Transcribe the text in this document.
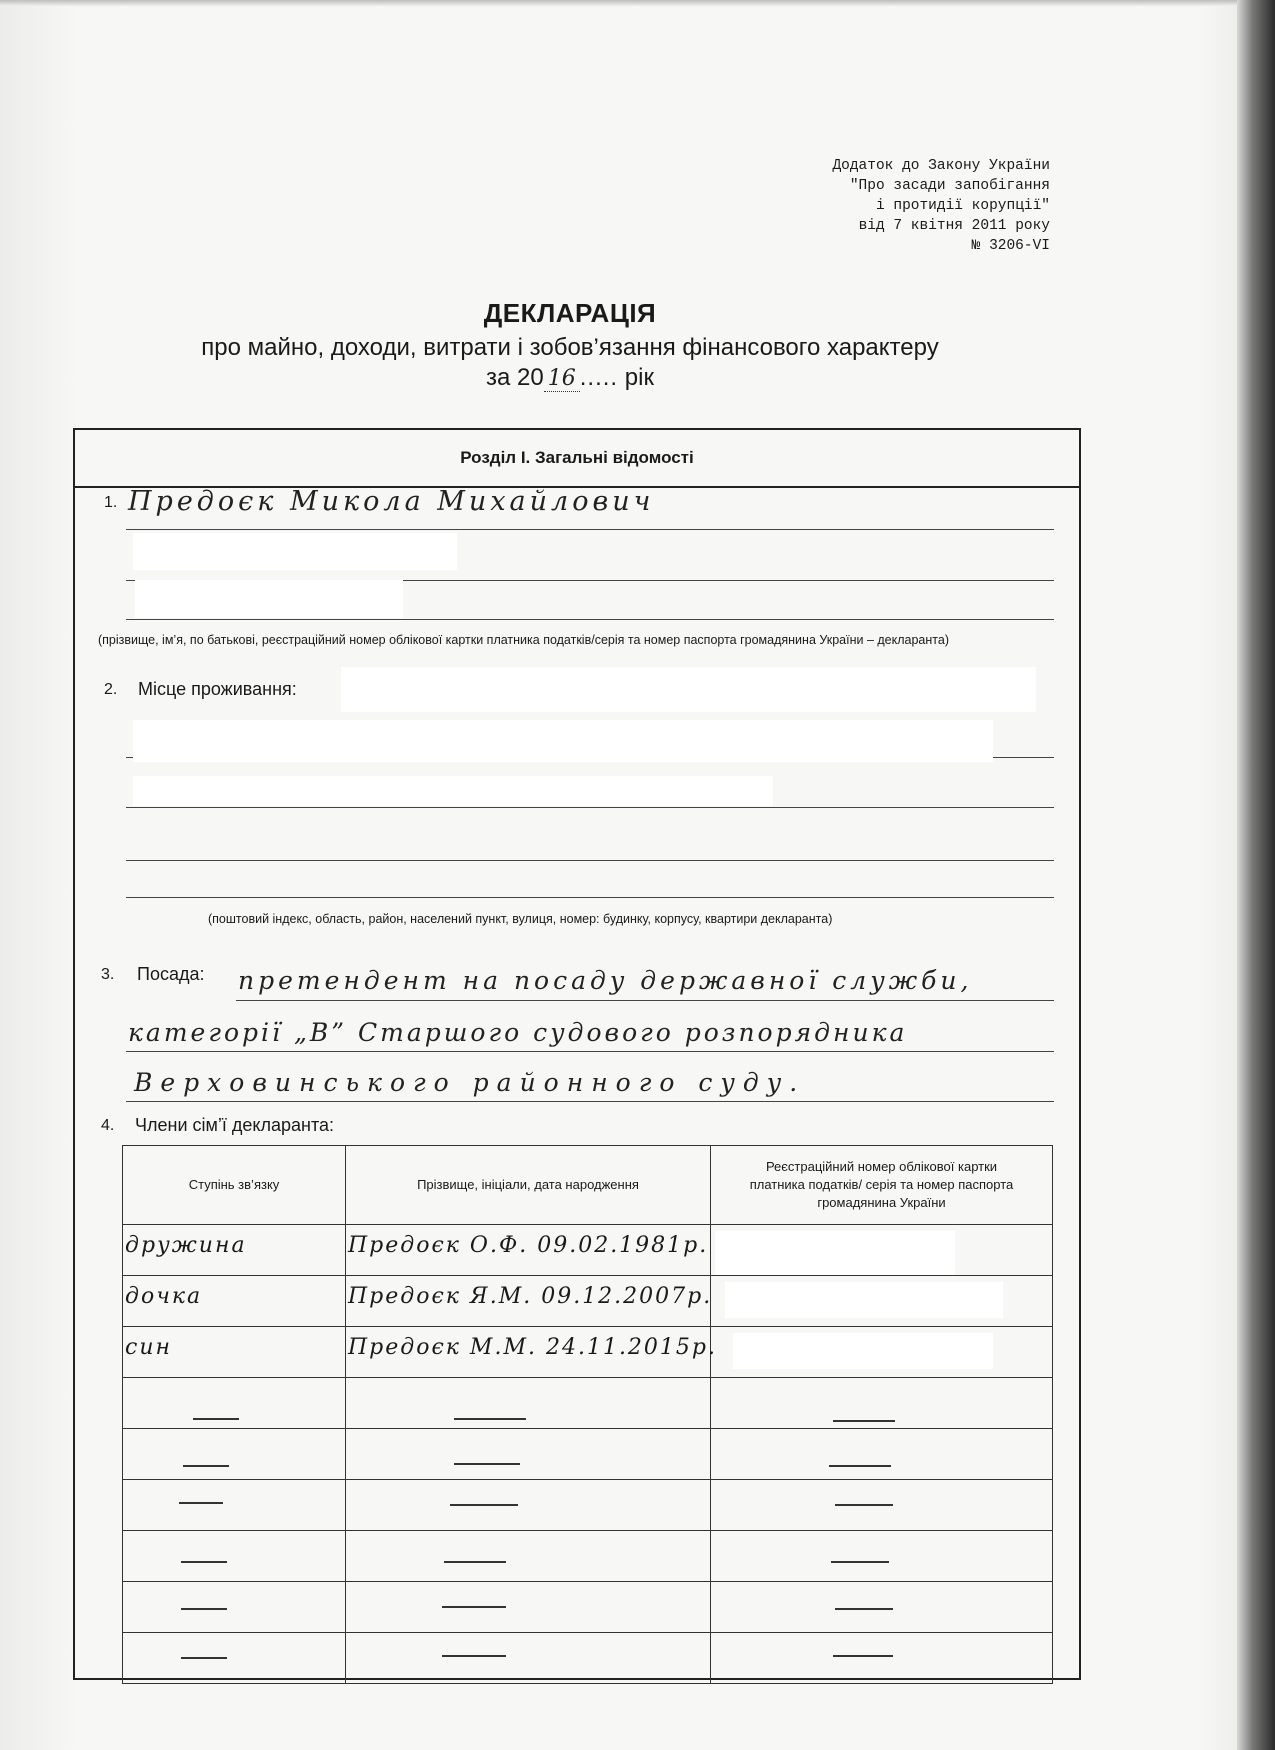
Додаток до Закону України
"Про засади запобігання
і протидії корупції"
від 7 квітня 2011 року
№ 3206-VI
ДЕКЛАРАЦІЯ
про майно, доходи, витрати і зобов’язання фінансового характеру
за 20 16 ..... рік
Розділ І. Загальні відомості
1. Предоєк Микола Михайлович
(прізвище, ім’я, по батькові, реєстраційний номер облікової картки платника податків/серія та номер паспорта громадянина України – декларанта)
2. Місце проживання:
(поштовий індекс, область, район, населений пункт, вулиця, номер: будинку, корпусу, квартири декларанта)
3. Посада: претендент на посаду державної служби,
категорії „В” Старшого судового розпорядника
Верховинського районного суду.
4. Члени сім’ї декларанта:
Ступінь зв’язку	Прізвище, ініціали, дата народження	Реєстраційний номер облікової картки платника податків/ серія та номер паспорта громадянина України

дружина	Предоєк О.Ф. 09.02.1981р.	

дочка	Предоєк Я.М. 09.12.2007р.	

син	Предоєк М.М. 24.11.2015р.	
